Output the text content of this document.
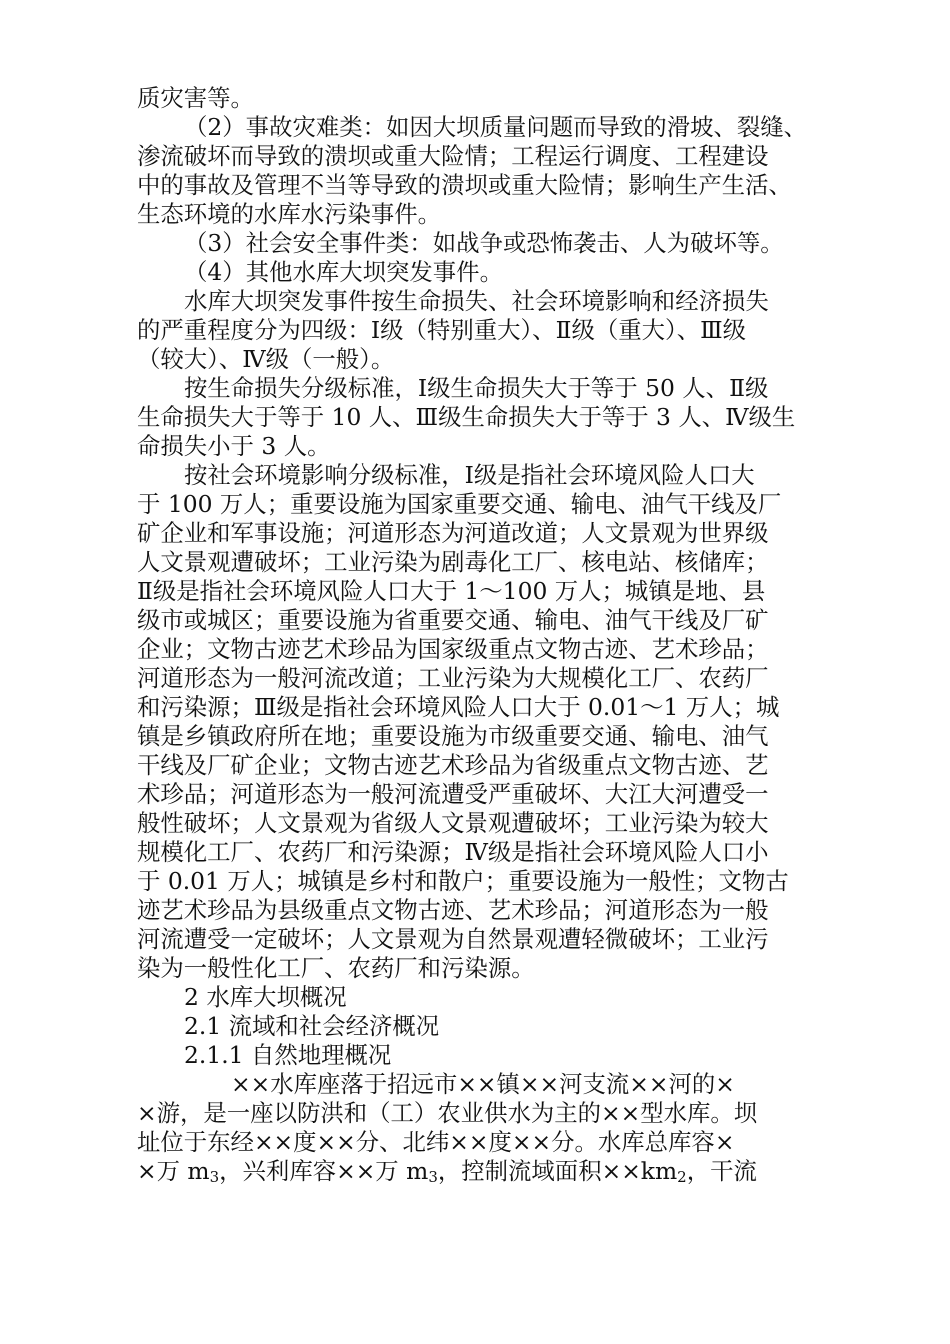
质灾害等。
（2）事故灾难类：如因大坝质量问题而导致的滑坡、裂缝、
渗流破坏而导致的溃坝或重大险情；工程运行调度、工程建设
中的事故及管理不当等导致的溃坝或重大险情；影响生产生活、
生态环境的水库水污染事件。
（3）社会安全事件类：如战争或恐怖袭击、人为破坏等。
（4）其他水库大坝突发事件。
水库大坝突发事件按生命损失、社会环境影响和经济损失
的严重程度分为四级：Ⅰ级（特别重大）、Ⅱ级（重大）、Ⅲ级
（较大）、Ⅳ级（一般）。
按生命损失分级标准，Ⅰ级生命损失大于等于 50 人、Ⅱ级
生命损失大于等于 10 人、Ⅲ级生命损失大于等于 3 人、Ⅳ级生
命损失小于 3 人。
按社会环境影响分级标准，Ⅰ级是指社会环境风险人口大
于 100 万人；重要设施为国家重要交通、输电、油气干线及厂
矿企业和军事设施；河道形态为河道改道；人文景观为世界级
人文景观遭破坏；工业污染为剧毒化工厂、核电站、核储库；
Ⅱ级是指社会环境风险人口大于 1～100 万人；城镇是地、县
级市或城区；重要设施为省重要交通、输电、油气干线及厂矿
企业；文物古迹艺术珍品为国家级重点文物古迹、艺术珍品；
河道形态为一般河流改道；工业污染为大规模化工厂、农药厂
和污染源；Ⅲ级是指社会环境风险人口大于 0.01～1 万人；城
镇是乡镇政府所在地；重要设施为市级重要交通、输电、油气
干线及厂矿企业；文物古迹艺术珍品为省级重点文物古迹、艺
术珍品；河道形态为一般河流遭受严重破坏、大江大河遭受一
般性破坏；人文景观为省级人文景观遭破坏；工业污染为较大
规模化工厂、农药厂和污染源；Ⅳ级是指社会环境风险人口小
于 0.01 万人；城镇是乡村和散户；重要设施为一般性；文物古
迹艺术珍品为县级重点文物古迹、艺术珍品；河道形态为一般
河流遭受一定破坏；人文景观为自然景观遭轻微破坏；工业污
染为一般性化工厂、农药厂和污染源。
2 水库大坝概况
2.1 流域和社会经济概况
2.1.1 自然地理概况
××水库座落于招远市××镇××河支流××河的×
×游，是一座以防洪和（工）农业供水为主的××型水库。坝
址位于东经××度××分、北纬××度××分。水库总库容×
×万 $m_3$，兴利库容××万 $m_3$，控制流域面积$\times\times km_2$，干流
